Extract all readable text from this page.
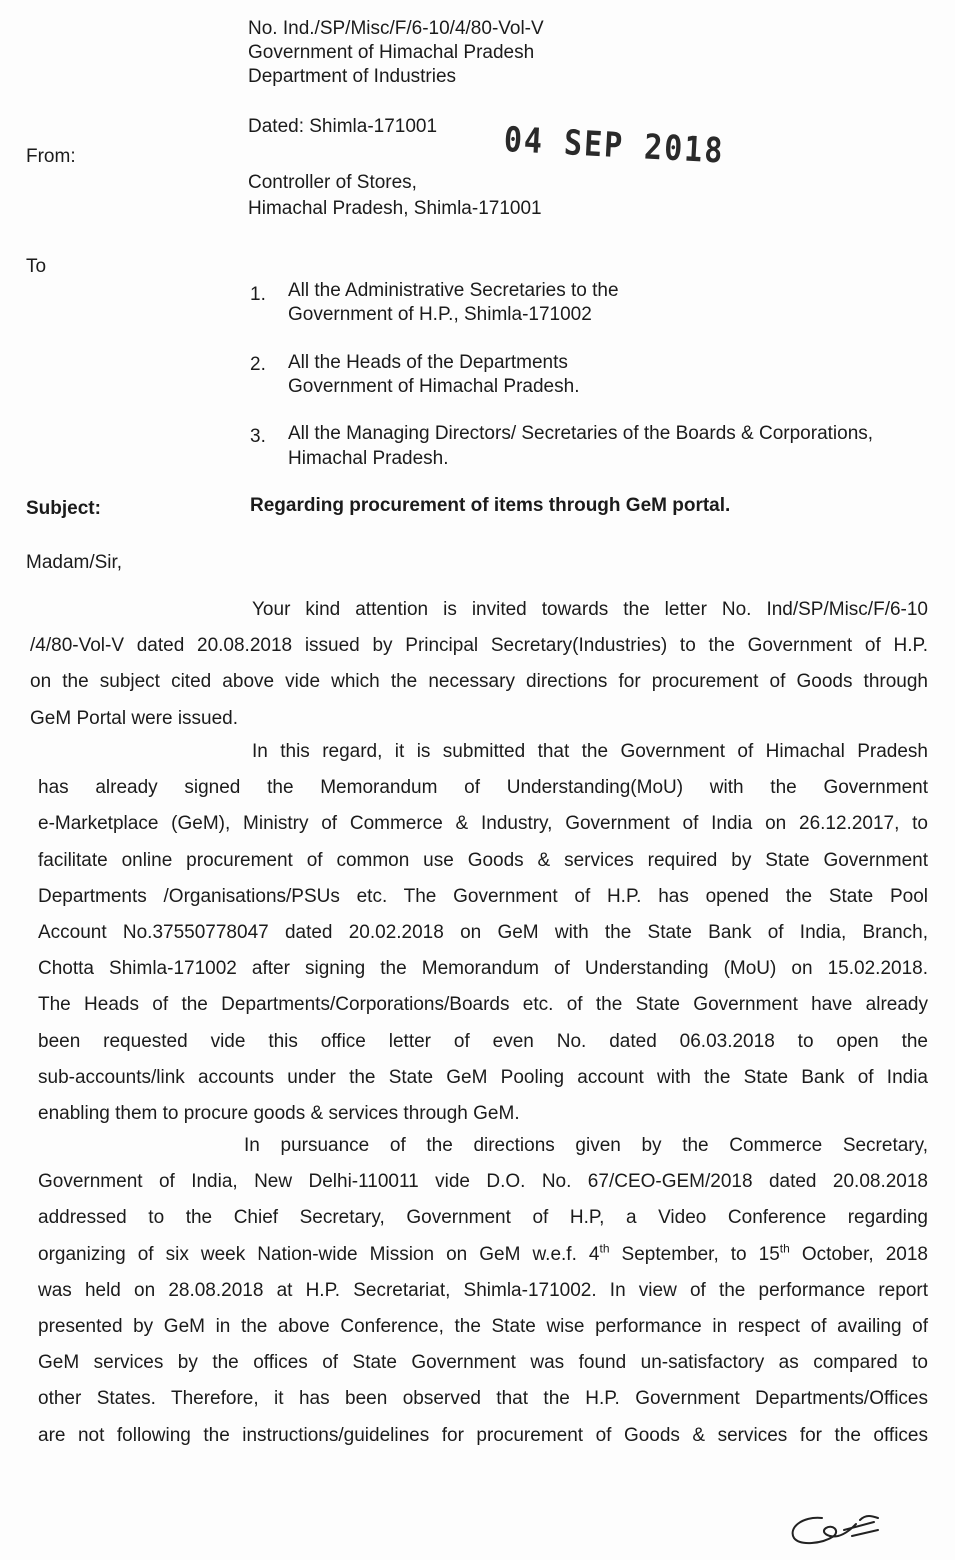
No. Ind./SP/Misc/F/6-10/4/80-Vol-V
Government of Himachal Pradesh
Department of Industries
Dated: Shimla-171001 04 SEP 2018
From:
Controller of Stores,
Himachal Pradesh, Shimla-171001
To
1. All the Administrative Secretaries to the
Government of H.P., Shimla-171002
2. All the Heads of the Departments
Government of Himachal Pradesh.
3. All the Managing Directors/ Secretaries of the Boards & Corporations,
Himachal Pradesh.
Subject:	Regarding procurement of items through GeM portal.
Madam/Sir,
Your kind attention is invited towards the letter No. Ind/SP/Misc/F/6-10
/4/80-Vol-V dated 20.08.2018 issued by Principal Secretary(Industries) to the Government of H.P.
on the subject cited above vide which the necessary directions for procurement of Goods through
GeM Portal were issued.
In this regard, it is submitted that the Government of Himachal Pradesh
has already signed the Memorandum of Understanding(MoU) with the Government
e-Marketplace (GeM), Ministry of Commerce & Industry, Government of India on 26.12.2017, to
facilitate online procurement of common use Goods & services required by State Government
Departments /Organisations/PSUs etc. The Government of H.P. has opened the State Pool
Account No.37550778047 dated 20.02.2018 on GeM with the State Bank of India, Branch,
Chotta Shimla-171002 after signing the Memorandum of Understanding (MoU) on 15.02.2018.
The Heads of the Departments/Corporations/Boards etc. of the State Government have already
been requested vide this office letter of even No. dated 06.03.2018 to open the
sub-accounts/link accounts under the State GeM Pooling account with the State Bank of India
enabling them to procure goods & services through GeM.
In pursuance of the directions given by the Commerce Secretary,
Government of India, New Delhi-110011 vide D.O. No. 67/CEO-GEM/2018 dated 20.08.2018
addressed to the Chief Secretary, Government of H.P, a Video Conference regarding
organizing of six week Nation-wide Mission on GeM w.e.f. 4th September, to 15th October, 2018
was held on 28.08.2018 at H.P. Secretariat, Shimla-171002. In view of the performance report
presented by GeM in the above Conference, the State wise performance in respect of availing of
GeM services by the offices of State Government was found un-satisfactory as compared to
other States. Therefore, it has been observed that the H.P. Government Departments/Offices
are not following the instructions/guidelines for procurement of Goods & services for the offices
